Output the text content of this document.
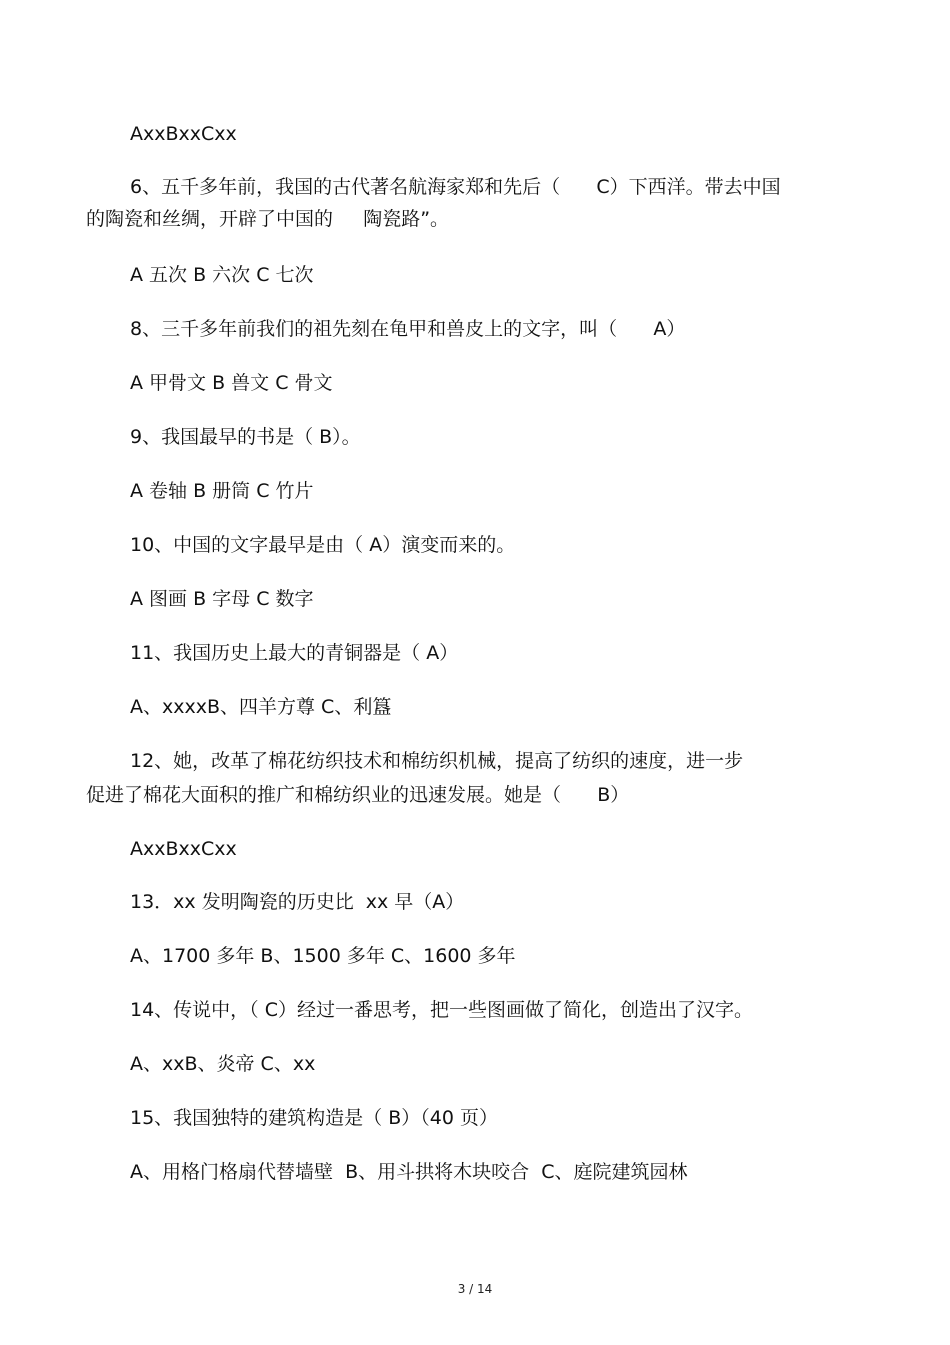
AxxBxxCxx
6、五千多年前，我国的古代著名航海家郑和先后（      C）下西洋。带去中国
的陶瓷和丝绸，开辟了中国的     陶瓷路”。
A 五次 B 六次 C 七次
8、三千多年前我们的祖先刻在龟甲和兽皮上的文字，叫（      A）
A 甲骨文 B 兽文 C 骨文
9、我国最早的书是（ B）。
A 卷轴 B 册筒 C 竹片
10、中国的文字最早是由（ A）演变而来的。
A 图画 B 字母 C 数字
11、我国历史上最大的青铜器是（ A）
A、xxxxB、四羊方尊 C、利簋
12、她，改革了棉花纺织技术和棉纺织机械，提高了纺织的速度，进一步
促进了棉花大面积的推广和棉纺织业的迅速发展。她是（      B）
AxxBxxCxx
13．xx 发明陶瓷的历史比  xx 早（A）
A、1700 多年 B、1500 多年 C、1600 多年
14、传说中，（ C）经过一番思考，把一些图画做了简化，创造出了汉字。
A、xxB、炎帝 C、xx
15、我国独特的建筑构造是（ B）（40 页）
A、用格门格扇代替墙壁  B、用斗拱将木块咬合  C、庭院建筑园林
3 / 14
